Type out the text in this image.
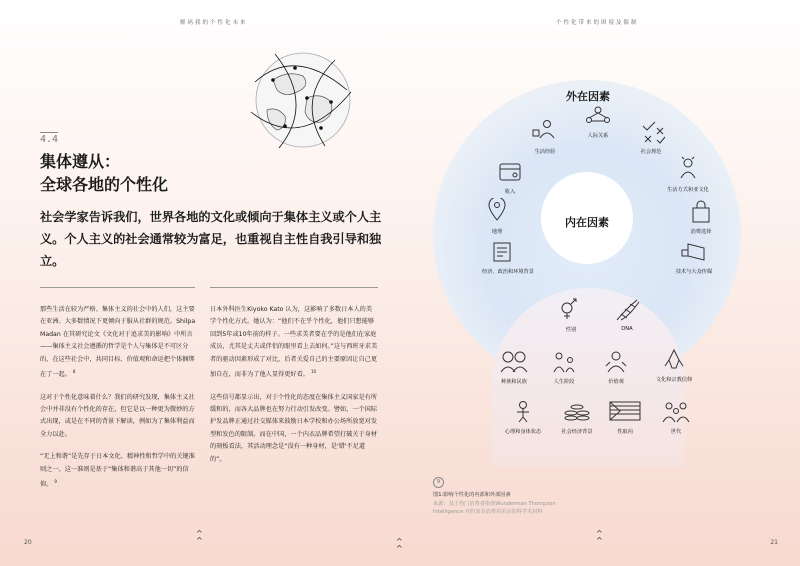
解码我的个性化未来	个性化带来的困境及限制
4.4
集体遵从：
全球各地的个性化
社会学家告诉我们，世界各地的文化或倾向于集体主义或个人主义。个人主义的社会通常较为富足，也重视自主性自我引导和独立。

那些生活在较为严格、集体主义的社会中的人们，这主要在亚洲。大多数情况下更倾向于服从社群的规范。Shilpa Madan 在其研究论文《文化对于追求美的影响》中所言——集体主义社会遵循的哲学是个人与集体是不可区分的，在这些社会中，共同目标、价值观和命运把个体捆绑在了一起。 $^8$

这对于个性化意味着什么？我们的研究发现，集体主义社会中并非没有个性化的存在，但它是以一种更为微妙的方式出现，或是在不同的背景下解读，例如为了集体利益而全力以赴。

“无上和谐”是先存于日本文化、精神性和哲学中的关键准则之一。这一准则是基于“集体和谐高于其他一切”的信仰。 $^9$

日本外科医生Kiyoko Kato 认为，这影响了多数日本人的美学个性化方式。她认为：“他们不在乎个性化，他们只想能够回到5年或10年前的样子。一些求美者要在乎的是他们在家庭成员，尤其是丈夫或伴侣的眼里看上去如何。”这与西班牙求美者的驱动因素形成了对比，后者关爱自己的主要原因让自己更加自在，而非为了他人显得更好看。 $^{10}$

这些信号都显示出，对于个性化的态度在集体主义国家是有所缓和的，而各大品牌也在努力行动引发改变。譬如，一个国际护发品牌正通过社交媒体来鼓励日本学校和办公场所放宽对发型和发色的限制。而在中国，一个内衣品牌希望打破关于身材的刻板看法，其活动理念是“没有一种身材，是'错'不足道的”。

外在因素
内在因素
人际关系
生活经验	社会规范
收入	生活方式和亚文化
地理	消费选择
经济、政治和环境背景	技术与大众传媒
性别	DNA
种族和民族	人生阶段	价值观	文化和宗教信仰
心理和身体状态	社会经济背景	性取向	世代
9
图1:影响个性化的内部和外部因素
来源：基于热门消费者指南Wunderman Thompson
Intelligence 对约加及消费用采访的科学术材料
20	21
^
^	^
^
^
^
